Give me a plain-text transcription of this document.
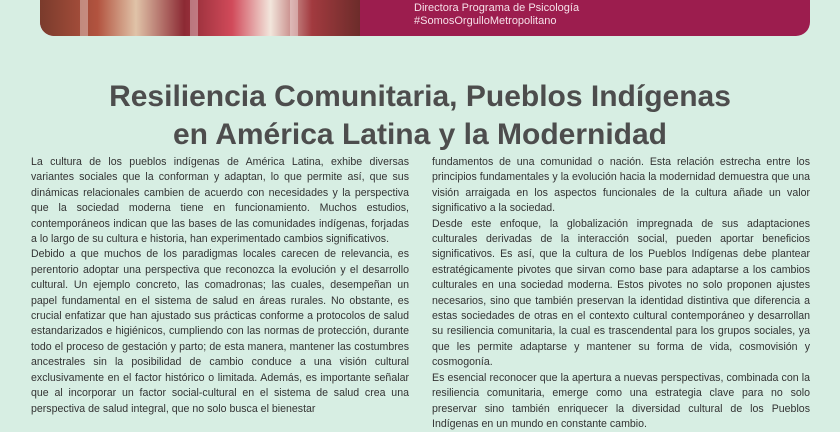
Directora Programa de Psicología
#SomosOrgulloMetropolitano
Resiliencia Comunitaria, Pueblos Indígenas
en América Latina y la Modernidad

La cultura de los pueblos indígenas de América Latina, exhibe diversas variantes sociales que la conforman y adaptan, lo que permite así, que sus dinámicas relacionales cambien de acuerdo con necesidades y la perspectiva que la sociedad moderna tiene en funcionamiento. Muchos estudios, contemporáneos indican que las bases de las comunidades indígenas, forjadas a lo largo de su cultura e historia, han experimentado cambios significativos.

Debido a que muchos de los paradigmas locales carecen de relevancia, es perentorio adoptar una perspectiva que reconozca la evolución y el desarrollo cultural. Un ejemplo concreto, las comadronas; las cuales, desempeñan un papel fundamental en el sistema de salud en áreas rurales. No obstante, es crucial enfatizar que han ajustado sus prácticas conforme a protocolos de salud estandarizados e higiénicos, cumpliendo con las normas de protección, durante todo el proceso de gestación y parto; de esta manera, mantener las costumbres ancestrales sin la posibilidad de cambio conduce a una visión cultural exclusivamente en el factor histórico o limitada. Además, es importante señalar que al incorporar un factor social-cultural en el sistema de salud crea una perspectiva de salud integral, que no solo busca el bienestar

fundamentos de una comunidad o nación. Esta relación estrecha entre los principios fundamentales y la evolución hacia la modernidad demuestra que una visión arraigada en los aspectos funcionales de la cultura añade un valor significativo a la sociedad.

Desde este enfoque, la globalización impregnada de sus adaptaciones culturales derivadas de la interacción social, pueden aportar beneficios significativos. Es así, que la cultura de los Pueblos Indígenas debe plantear estratégicamente pivotes que sirvan como base para adaptarse a los cambios culturales en una sociedad moderna. Estos pivotes no solo proponen ajustes necesarios, sino que también preservan la identidad distintiva que diferencia a estas sociedades de otras en el contexto cultural contemporáneo y desarrollan su resiliencia comunitaria, la cual es trascendental para los grupos sociales, ya que les permite adaptarse y mantener su forma de vida, cosmovisión y cosmogonía.

Es esencial reconocer que la apertura a nuevas perspectivas, combinada con la resiliencia comunitaria, emerge como una estrategia clave para no solo preservar sino también enriquecer la diversidad cultural de los Pueblos Indígenas en un mundo en constante cambio.
